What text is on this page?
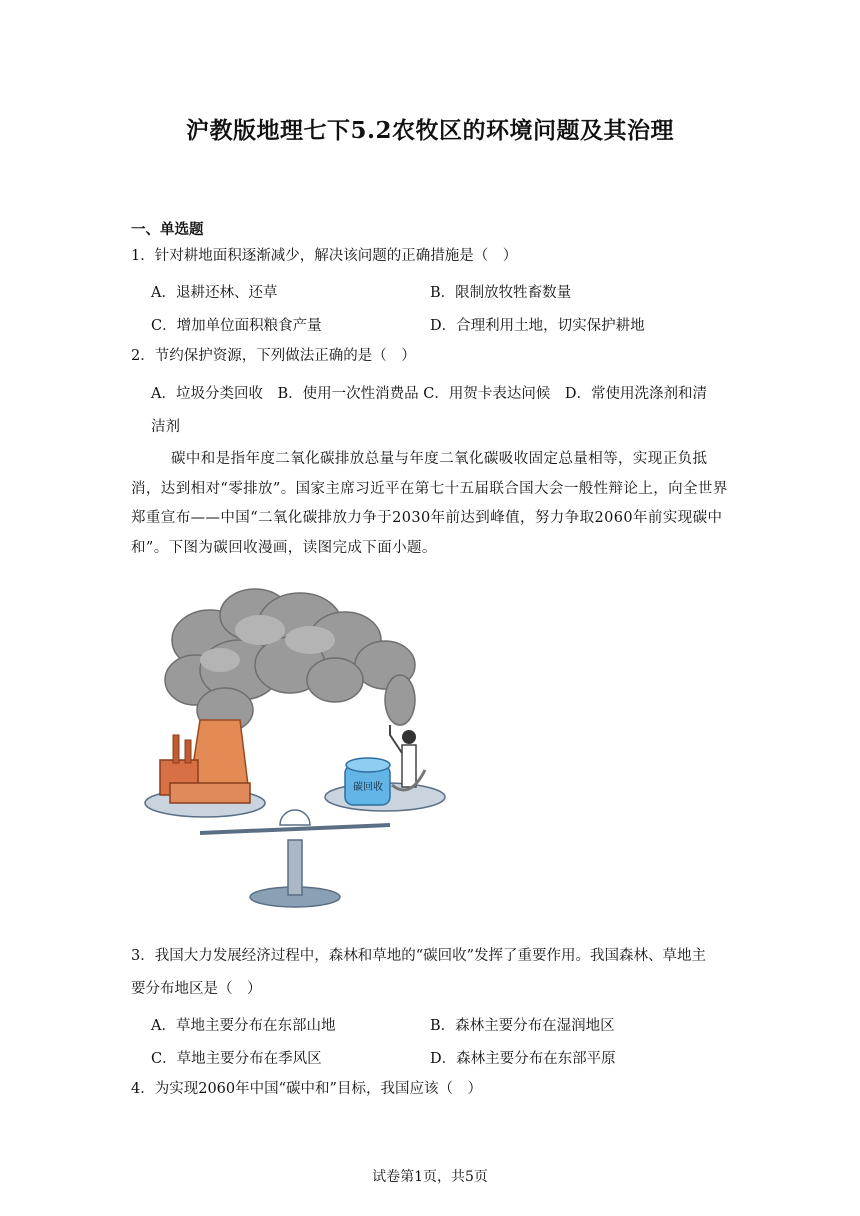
沪教版地理七下5.2农牧区的环境问题及其治理
一、单选题
1．针对耕地面积逐渐减少，解决该问题的正确措施是（　）
A．退耕还林、还草	B．限制放牧牲畜数量
C．增加单位面积粮食产量	D．合理利用土地，切实保护耕地
2．节约保护资源，下列做法正确的是（　）
A．垃圾分类回收　B．使用一次性消费品 C．用贺卡表达问候　D．常使用洗涤剂和清
洁剂
碳中和是指年度二氧化碳排放总量与年度二氧化碳吸收固定总量相等，实现正负抵消，达到相对“零排放”。国家主席习近平在第七十五届联合国大会一般性辩论上，向全世界郑重宣布——中国“二氧化碳排放力争于2030年前达到峰值，努力争取2060年前实现碳中和”。下图为碳回收漫画，读图完成下面小题。
碳回收
3．我国大力发展经济过程中，森林和草地的“碳回收”发挥了重要作用。我国森林、草地主
要分布地区是（　）
A．草地主要分布在东部山地	B．森林主要分布在湿润地区
C．草地主要分布在季风区	D．森林主要分布在东部平原
4．为实现2060年中国“碳中和”目标，我国应该（　）
试卷第1页，共5页
